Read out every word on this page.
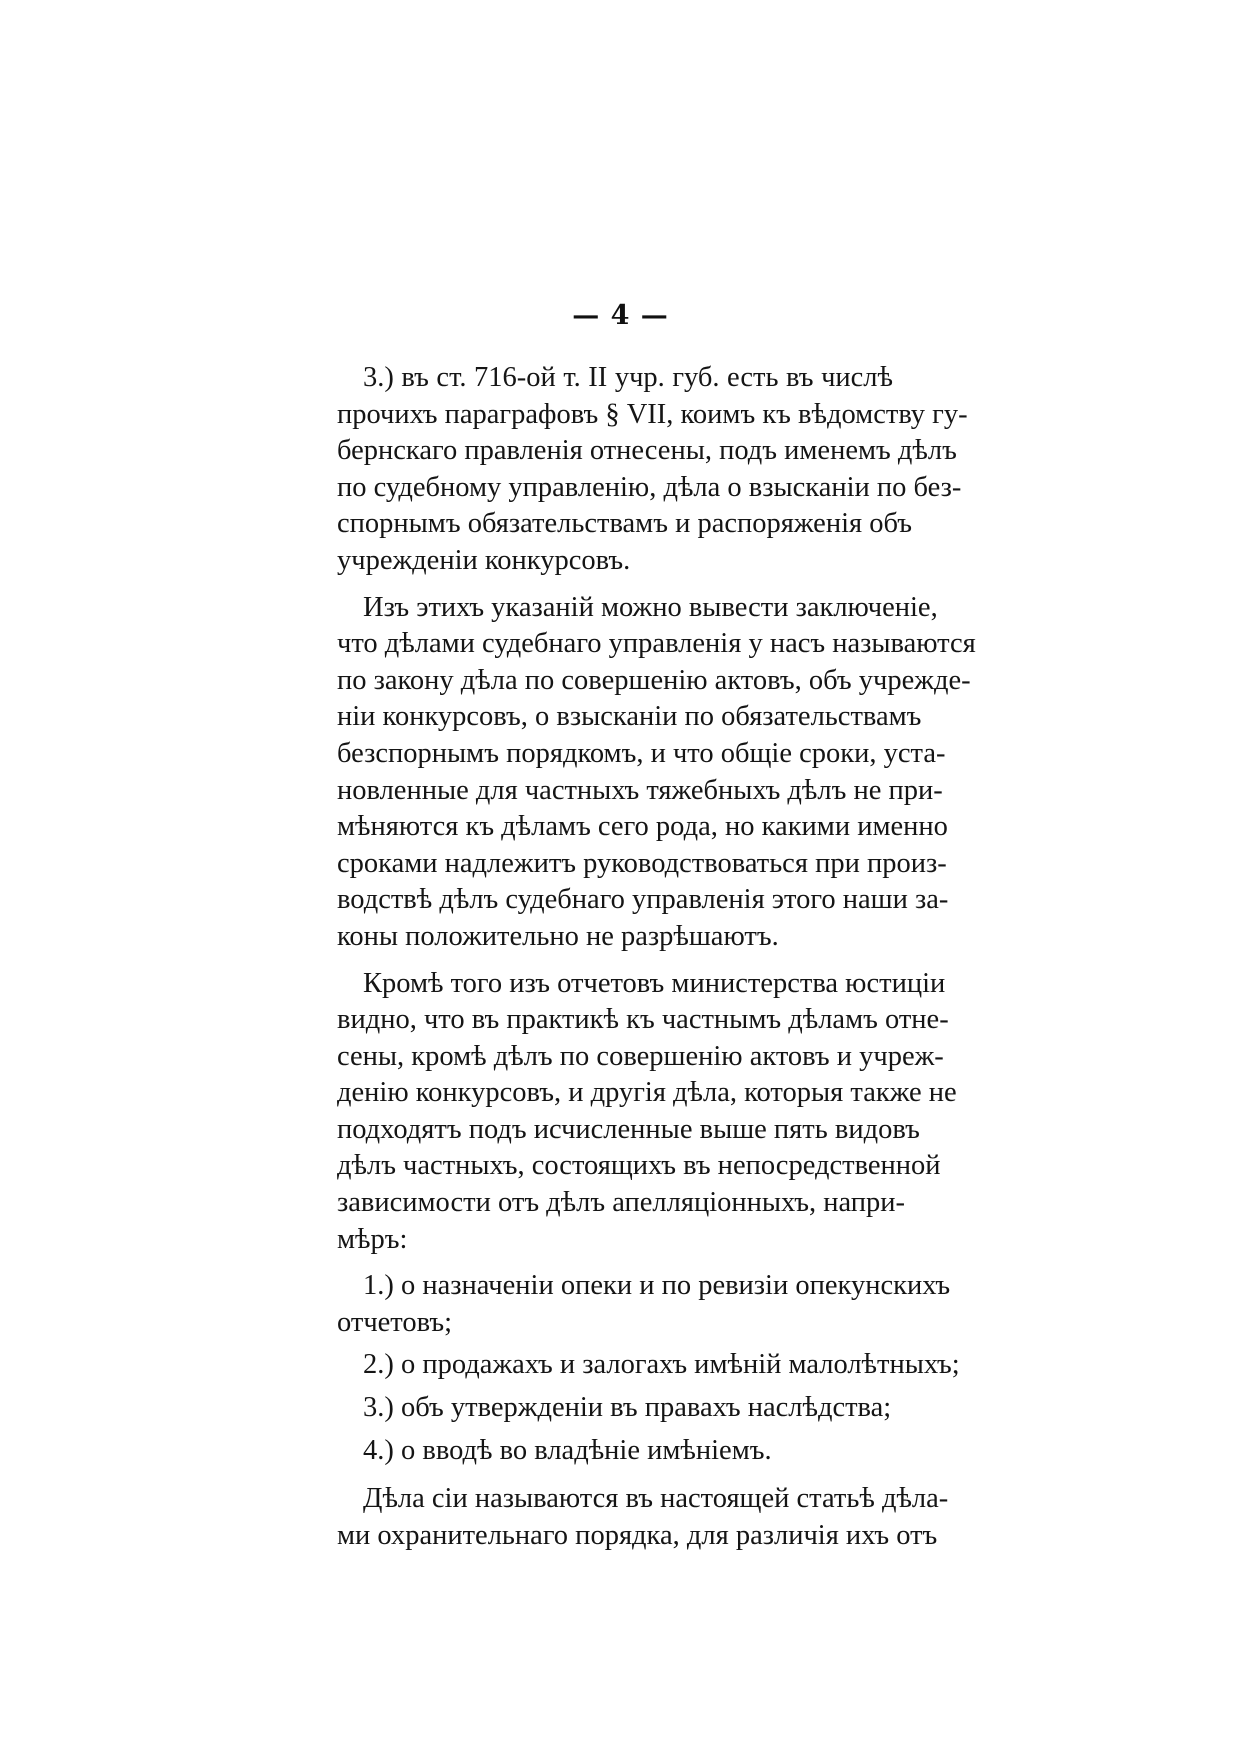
— 4 —
3.) въ ст. 716-ой т. II учр. губ. есть въ числѣ
прочихъ параграфовъ § VII, коимъ къ вѣдомству гу-
бернскаго правленія отнесены, подъ именемъ дѣлъ
по судебному управленію, дѣла о взысканіи по без-
спорнымъ обязательствамъ и распоряженія объ
учрежденіи конкурсовъ.
Изъ этихъ указаній можно вывести заключеніе,
что дѣлами судебнаго управленія у насъ называются
по закону дѣла по совершенію актовъ, объ учрежде-
ніи конкурсовъ, о взысканіи по обязательствамъ
безспорнымъ порядкомъ, и что общіе сроки, уста-
новленные для частныхъ тяжебныхъ дѣлъ не при-
мѣняются къ дѣламъ сего рода, но какими именно
сроками надлежитъ руководствоваться при произ-
водствѣ дѣлъ судебнаго управленія этого наши за-
коны положительно не разрѣшаютъ.
Кромѣ того изъ отчетовъ министерства юстиціи
видно, что въ практикѣ къ частнымъ дѣламъ отне-
сены, кромѣ дѣлъ по совершенію актовъ и учреж-
денію конкурсовъ, и другія дѣла, которыя также не
подходятъ подъ исчисленные выше пять видовъ
дѣлъ частныхъ, состоящихъ въ непосредственной
зависимости отъ дѣлъ апелляціонныхъ, напри-
мѣръ:
1.) о назначеніи опеки и по ревизіи опекунскихъ
отчетовъ;
2.) о продажахъ и залогахъ имѣній малолѣтныхъ;
3.) объ утвержденіи въ правахъ наслѣдства;
4.) о вводѣ во владѣніе имѣніемъ.
Дѣла сіи называются въ настоящей статьѣ дѣла-
ми охранительнаго порядка, для различія ихъ отъ
